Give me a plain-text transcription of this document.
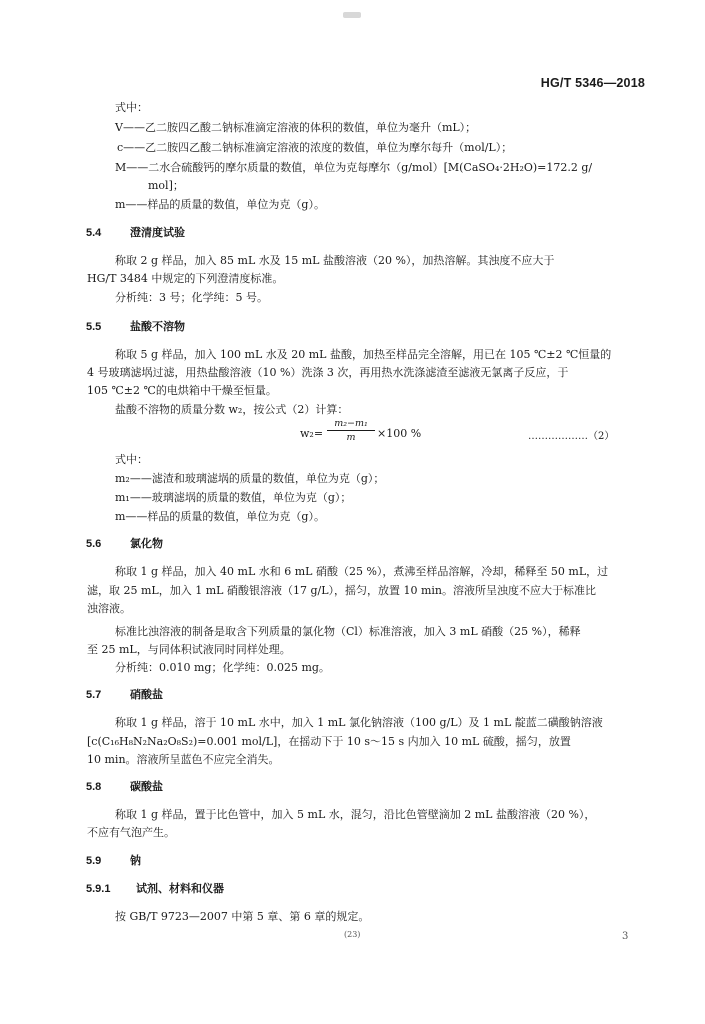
HG/T 5346—2018
式中：
V——乙二胺四乙酸二钠标准滴定溶液的体积的数值，单位为毫升（mL）；
c——乙二胺四乙酸二钠标准滴定溶液的浓度的数值，单位为摩尔每升（mol/L）；
M——二水合硫酸钙的摩尔质量的数值，单位为克每摩尔（g/mol）[M(CaSO₄·2H₂O)=172.2 g/
mol]；
m——样品的质量的数值，单位为克（g）。
5.4	澄清度试验
称取 2 g 样品，加入 85 mL 水及 15 mL 盐酸溶液（20 %），加热溶解。其浊度不应大于
HG/T 3484 中规定的下列澄清度标准。
分析纯：3 号；化学纯：5 号。
5.5	盐酸不溶物
称取 5 g 样品，加入 100 mL 水及 20 mL 盐酸，加热至样品完全溶解，用已在 105 ℃±2 ℃恒量的
4 号玻璃滤埚过滤，用热盐酸溶液（10 %）洗涤 3 次，再用热水洗涤滤渣至滤液无氯离子反应，于
105 ℃±2 ℃的电烘箱中干燥至恒量。
盐酸不溶物的质量分数 w₂，按公式（2）计算：
$w_2= \frac{\text{m₂−m₁}}{m} \times 100$ %	………………（2）
式中：
m₂——滤渣和玻璃滤埚的质量的数值，单位为克（g）；
m₁——玻璃滤埚的质量的数值，单位为克（g）；
m——样品的质量的数值，单位为克（g）。
5.6	氯化物
称取 1 g 样品，加入 40 mL 水和 6 mL 硝酸（25 %），煮沸至样品溶解，冷却，稀释至 50 mL，过
滤，取 25 mL，加入 1 mL 硝酸银溶液（17 g/L），摇匀，放置 10 min。溶液所呈浊度不应大于标准比
浊溶液。
标准比浊溶液的制备是取含下列质量的氯化物（Cl）标准溶液，加入 3 mL 硝酸（25 %），稀释
至 25 mL，与同体积试液同时同样处理。
分析纯：0.010 mg；化学纯：0.025 mg。
5.7	硝酸盐
称取 1 g 样品，溶于 10 mL 水中，加入 1 mL 氯化钠溶液（100 g/L）及 1 mL 靛蓝二磺酸钠溶液
[c(C₁₆H₈N₂Na₂O₈S₂)=0.001 mol/L]，在摇动下于 10 s～15 s 内加入 10 mL 硫酸，摇匀，放置
10 min。溶液所呈蓝色不应完全消失。
5.8	碳酸盐
称取 1 g 样品，置于比色管中，加入 5 mL 水，混匀，沿比色管壁滴加 2 mL 盐酸溶液（20 %），
不应有气泡产生。
5.9	钠
5.9.1 试剂、材料和仪器
按 GB/T 9723—2007 中第 5 章、第 6 章的规定。
(23)	3
